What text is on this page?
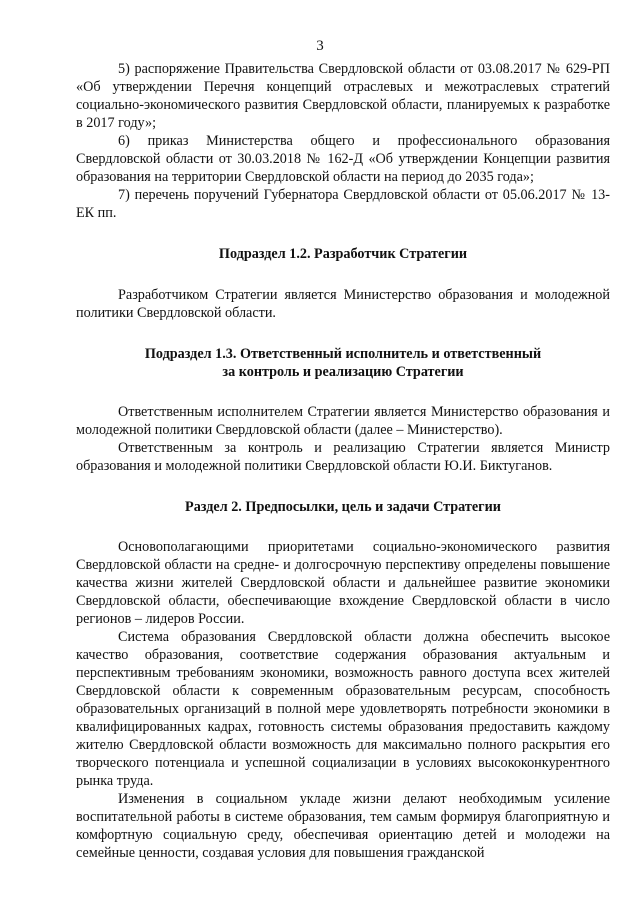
3

5) распоряжение Правительства Свердловской области от 03.08.2017 № 629-РП «Об утверждении Перечня концепций отраслевых и межотраслевых стратегий социально-экономического развития Свердловской области, планируемых к разработке в 2017 году»;

6) приказ Министерства общего и профессионального образования Свердловской области от 30.03.2018 № 162-Д «Об утверждении Концепции развития образования на территории Свердловской области на период до 2035 года»;

7) перечень поручений Губернатора Свердловской области от 05.06.2017 № 13-ЕК пп.

Подраздел 1.2. Разработчик Стратегии

Разработчиком Стратегии является Министерство образования и молодежной политики Свердловской области.

Подраздел 1.3. Ответственный исполнитель и ответственный
за контроль и реализацию Стратегии

Ответственным исполнителем Стратегии является Министерство образования и молодежной политики Свердловской области (далее – Министерство).

Ответственным за контроль и реализацию Стратегии является Министр образования и молодежной политики Свердловской области Ю.И. Биктуганов.

Раздел 2. Предпосылки, цель и задачи Стратегии

Основополагающими приоритетами социально-экономического развития Свердловской области на средне- и долгосрочную перспективу определены повышение качества жизни жителей Свердловской области и дальнейшее развитие экономики Свердловской области, обеспечивающие вхождение Свердловской области в число регионов – лидеров России.

Система образования Свердловской области должна обеспечить высокое качество образования, соответствие содержания образования актуальным и перспективным требованиям экономики, возможность равного доступа всех жителей Свердловской области к современным образовательным ресурсам, способность образовательных организаций в полной мере удовлетворять потребности экономики в квалифицированных кадрах, готовность системы образования предоставить каждому жителю Свердловской области возможность для максимально полного раскрытия его творческого потенциала и успешной социализации в условиях высококонкурентного рынка труда.

Изменения в социальном укладе жизни делают необходимым усиление воспитательной работы в системе образования, тем самым формируя благоприятную и комфортную социальную среду, обеспечивая ориентацию детей и молодежи на семейные ценности, создавая условия для повышения гражданской
